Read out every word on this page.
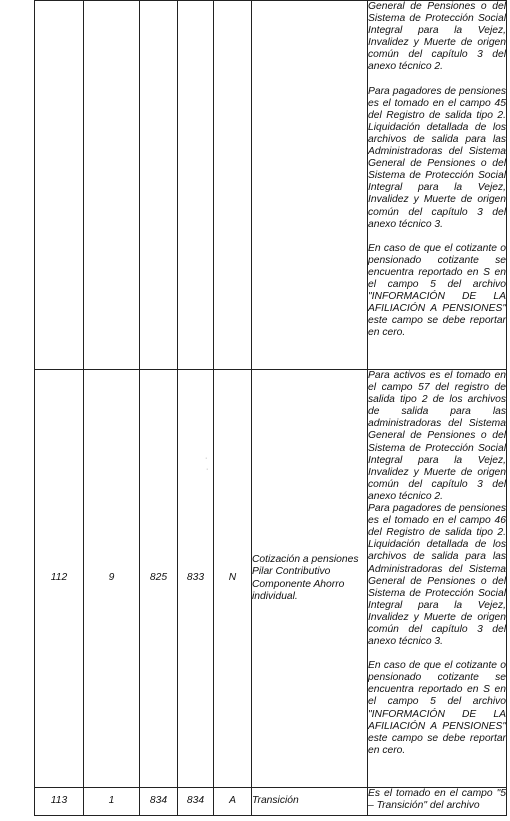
						General de Pensiones o del Sistema de Protección Social Integral para la Vejez, Invalidez y Muerte de origen común del capítulo 3 del anexo técnico 2.

Para pagadores de pensiones es el tomado en el campo 45 del Registro de salida tipo 2. Liquidación detallada de los archivos de salida para las Administradoras del Sistema General de Pensiones o del Sistema de Protección Social Integral para la Vejez, Invalidez y Muerte de origen común del capítulo 3 del anexo técnico 3.

En caso de que el cotizante o pensionado cotizante se encuentra reportado en S en el campo 5 del archivo "INFORMACIÓN DE LA AFILIACIÓN A PENSIONES" este campo se debe reportar en cero.

112	9	825	833	N	Cotización a pensiones Pilar Contributivo Componente Ahorro individual.	Para activos es el tomado en el campo 57 del registro de salida tipo 2 de los archivos de salida para las administradoras del Sistema General de Pensiones o del Sistema de Protección Social Integral para la Vejez, Invalidez y Muerte de origen común del capítulo 3 del anexo técnico 2.

Para pagadores de pensiones es el tomado en el campo 46 del Registro de salida tipo 2. Liquidación detallada de los archivos de salida para las Administradoras del Sistema General de Pensiones o del Sistema de Protección Social Integral para la Vejez, Invalidez y Muerte de origen común del capítulo 3 del anexo técnico 3.

En caso de que el cotizante o pensionado cotizante se encuentra reportado en S en el campo 5 del archivo "INFORMACIÓN DE LA AFILIACIÓN A PENSIONES" este campo se debe reportar en cero.

113	1	834	834	A	Transición	Es el tomado en el campo "5 – Transición" del archivo

·
·
